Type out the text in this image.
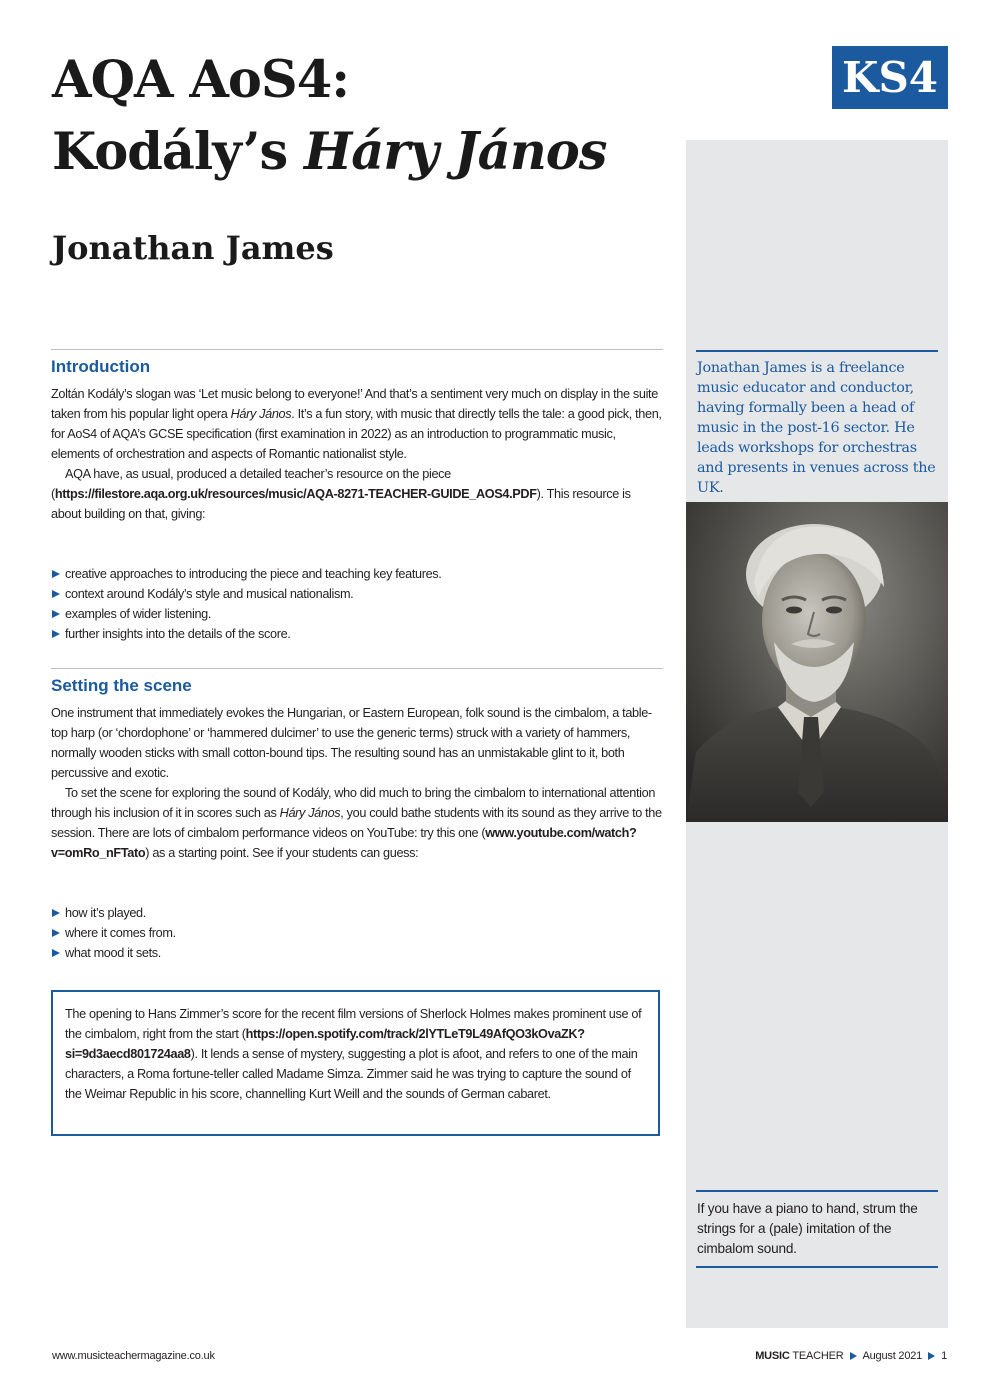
AQA AoS4:
Kodály’s Háry János
Jonathan James
KS4

Jonathan James is a freelance music educator and conductor, having formally been a head of music in the post-16 sector. He leads workshops for orchestras and presents in venues across the UK.

If you have a piano to hand, strum the strings for a (pale) imitation of the cimbalom sound.

Introduction

Zoltán Kodály’s slogan was ‘Let music belong to everyone!’ And that’s a sentiment very much on display in the suite taken from his popular light opera Háry János. It’s a fun story, with music that directly tells the tale: a good pick, then, for AoS4 of AQA’s GCSE specification (first examination in 2022) as an introduction to programmatic music, elements of orchestration and aspects of Romantic nationalist style.

AQA have, as usual, produced a detailed teacher’s resource on the piece (https://filestore.aqa.org.uk/resources/music/AQA-8271-TEACHER-GUIDE_AOS4.PDF). This resource is about building on that, giving:

creative approaches to introducing the piece and teaching key features.
context around Kodály’s style and musical nationalism.
examples of wider listening.
further insights into the details of the score.
Setting the scene

One instrument that immediately evokes the Hungarian, or Eastern European, folk sound is the cimbalom, a table-top harp (or ‘chordophone’ or ‘hammered dulcimer’ to use the generic terms) struck with a variety of hammers, normally wooden sticks with small cotton-bound tips. The resulting sound has an unmistakable glint to it, both percussive and exotic.

To set the scene for exploring the sound of Kodály, who did much to bring the cimbalom to international attention through his inclusion of it in scores such as Háry János, you could bathe students with its sound as they arrive to the session. There are lots of cimbalom performance videos on YouTube: try this one (www.youtube.com/watch?v=omRo_nFTato) as a starting point. See if your students can guess:

how it’s played.
where it comes from.
what mood it sets.

The opening to Hans Zimmer’s score for the recent film versions of Sherlock Holmes makes prominent use of the cimbalom, right from the start (https://open.spotify.com/track/2lYTLeT9L49AfQO3kOvaZK?si=9d3aecd801724aa8). It lends a sense of mystery, suggesting a plot is afoot, and refers to one of the main characters, a Roma fortune-teller called Madame Simza. Zimmer said he was trying to capture the sound of the Weimar Republic in his score, channelling Kurt Weill and the sounds of German cabaret.

www.musicteachermagazine.co.uk	MUSIC TEACHER August 2021 1
